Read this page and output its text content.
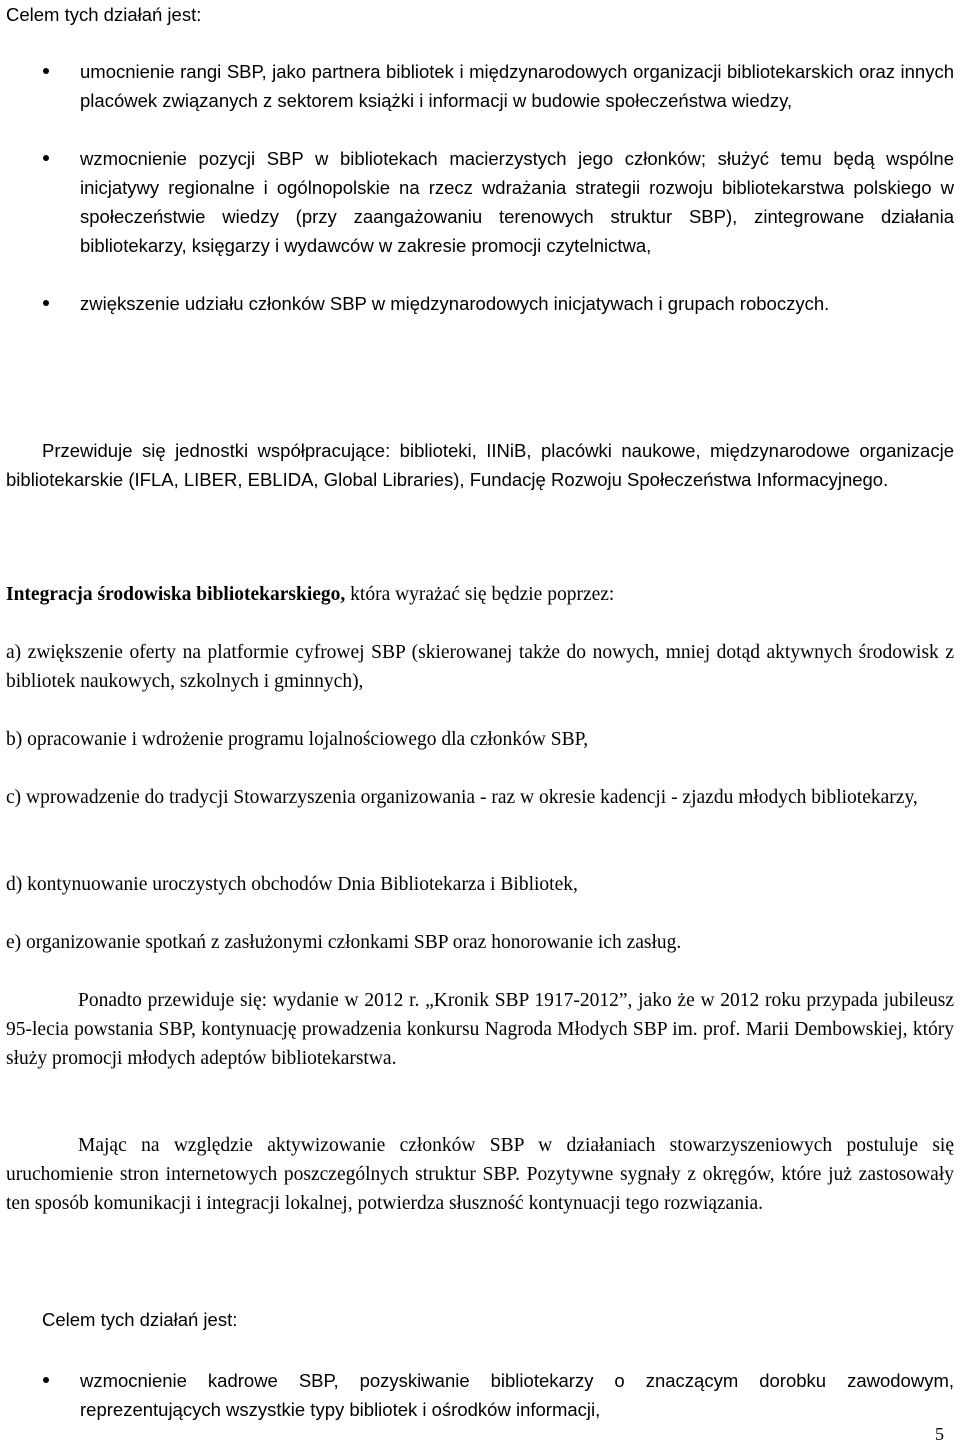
Celem tych działań jest:

umocnienie rangi SBP, jako partnera bibliotek i międzynarodowych organizacji bibliotekarskich oraz innych placówek związanych z sektorem książki i informacji w budowie społeczeństwa wiedzy,

wzmocnienie pozycji SBP w bibliotekach macierzystych jego członków; służyć temu będą wspólne inicjatywy regionalne i ogólnopolskie na rzecz wdrażania strategii rozwoju bibliotekarstwa polskiego w społeczeństwie wiedzy (przy zaangażowaniu terenowych struktur SBP), zintegrowane działania bibliotekarzy, księgarzy i wydawców w zakresie promocji czytelnictwa,

zwiększenie udziału członków SBP w międzynarodowych inicjatywach i grupach roboczych.

Przewiduje się jednostki współpracujące: biblioteki, IINiB, placówki naukowe, międzynarodowe organizacje bibliotekarskie (IFLA, LIBER, EBLIDA, Global Libraries), Fundację Rozwoju Społeczeństwa Informacyjnego.

Integracja środowiska bibliotekarskiego, która wyrażać się będzie poprzez:

a) zwiększenie oferty na platformie cyfrowej SBP (skierowanej także do nowych, mniej dotąd aktywnych środowisk z bibliotek naukowych, szkolnych i gminnych),

b) opracowanie i wdrożenie programu lojalnościowego dla członków SBP,

c) wprowadzenie do tradycji Stowarzyszenia organizowania - raz w okresie kadencji - zjazdu młodych bibliotekarzy,

d) kontynuowanie uroczystych obchodów Dnia Bibliotekarza i Bibliotek,

e) organizowanie spotkań z zasłużonymi członkami SBP oraz honorowanie ich zasług.

Ponadto przewiduje się: wydanie w 2012 r. „Kronik SBP 1917-2012”, jako że w 2012 roku przypada jubileusz 95-lecia powstania SBP, kontynuację prowadzenia konkursu Nagroda Młodych SBP im. prof. Marii Dembowskiej, który służy promocji młodych adeptów bibliotekarstwa.

Mając na względzie aktywizowanie członków SBP w działaniach stowarzyszeniowych postuluje się uruchomienie stron internetowych poszczególnych struktur SBP. Pozytywne sygnały z okręgów, które już zastosowały ten sposób komunikacji i integracji lokalnej, potwierdza słuszność kontynuacji tego rozwiązania.

Celem tych działań jest:

wzmocnienie kadrowe SBP, pozyskiwanie bibliotekarzy o znaczącym dorobku zawodowym, reprezentujących wszystkie typy bibliotek i ośrodków informacji,

5
